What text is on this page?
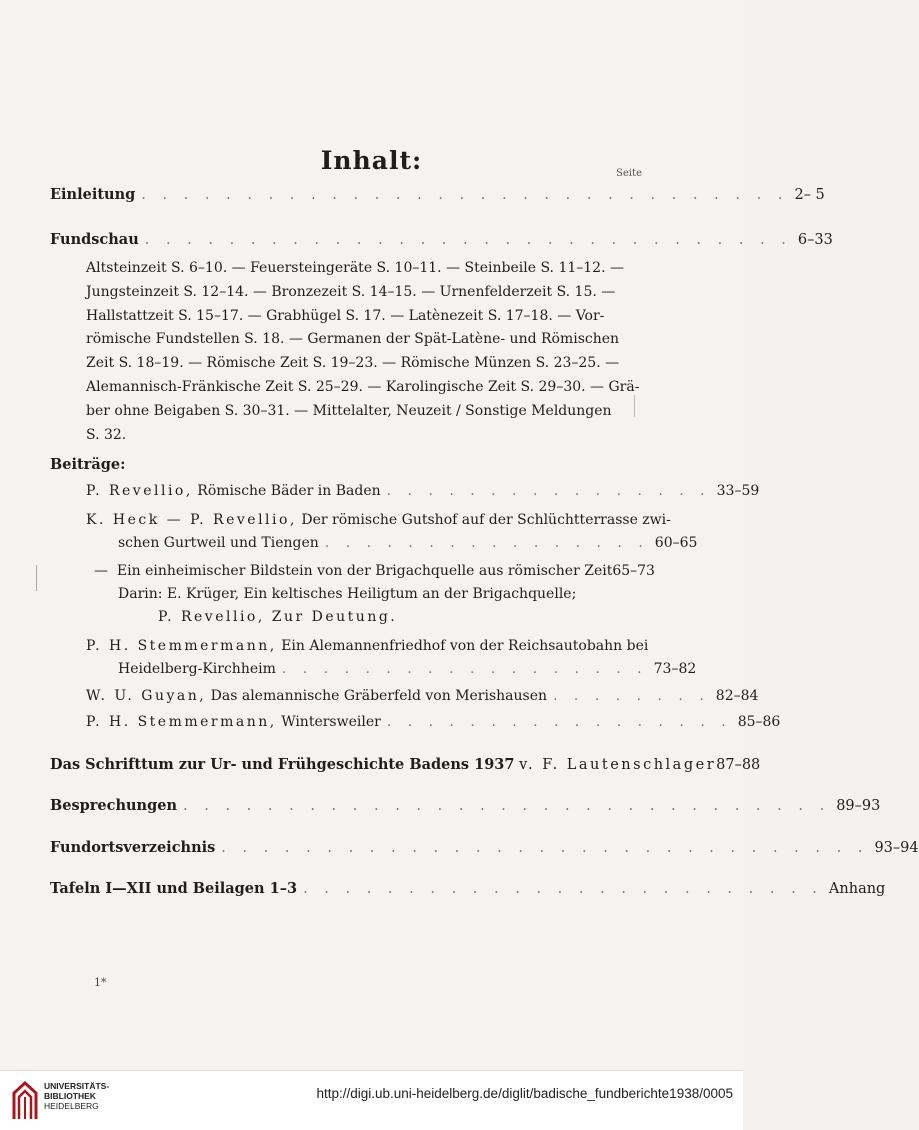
Inhalt:	Seite
Einleitung . . . . . . . . . . . . . . . . . . . . . . . . . . . . . . . 2– 5
Fundschau . . . . . . . . . . . . . . . . . . . . . . . . . . . . . . . 6–33
Altsteinzeit S. 6–10. — Feuersteingeräte S. 10–11. — Steinbeile S. 11–12. —
Jungsteinzeit S. 12–14. — Bronzezeit S. 14–15. — Urnenfelderzeit S. 15. —
Hallstattzeit S. 15–17. — Grabhügel S. 17. — Latènezeit S. 17–18. — Vor-
römische Fundstellen S. 18. — Germanen der Spät-Latène- und Römischen
Zeit S. 18–19. — Römische Zeit S. 19–23. — Römische Münzen S. 23–25. —
Alemannisch-Fränkische Zeit S. 25–29. — Karolingische Zeit S. 29–30. — Grä-
ber ohne Beigaben S. 30–31. — Mittelalter, Neuzeit / Sonstige Meldungen
S. 32.
Beiträge:
P. Revellio,
Römische Bäder in Baden . . . . . . . . . . . . . . . . 33–59
K. Heck — P. Revellio,
Der römische Gutshof auf der Schlüchtterrasse zwi-
schen Gurtweil und Tiengen . . . . . . . . . . . . . . . . 60–65
—
Ein einheimischer Bildstein von der Brigachquelle aus römischer Zeit 65–73
Darin: E. Krüger, Ein keltisches Heiligtum an der Brigachquelle;
P. Revellio, Zur Deutung.
P. H. Stemmermann,
Ein Alemannenfriedhof von der Reichsautobahn bei
Heidelberg-Kirchheim . . . . . . . . . . . . . . . . . . 73–82
W. U. Guyan,
Das alemannische Gräberfeld von Merishausen . . . . . . . . 82–84
P. H. Stemmermann,
Wintersweiler . . . . . . . . . . . . . . . . . 85–86
Das Schrifttum zur Ur- und Frühgeschichte Badens 1937
v. F. Lautenschlager 87–88
Besprechungen . . . . . . . . . . . . . . . . . . . . . . . . . . . . . . . 89–93
Fundortsverzeichnis . . . . . . . . . . . . . . . . . . . . . . . . . . . . . . . 93–94
Tafeln I—XII und Beilagen 1–3 . . . . . . . . . . . . . . . . . . . . . . . . . Anhang
1*
UNIVERSITÄTS-
BIBLIOTHEK
HEIDELBERG
http://digi.ub.uni-heidelberg.de/diglit/badische_fundberichte1938/0005
